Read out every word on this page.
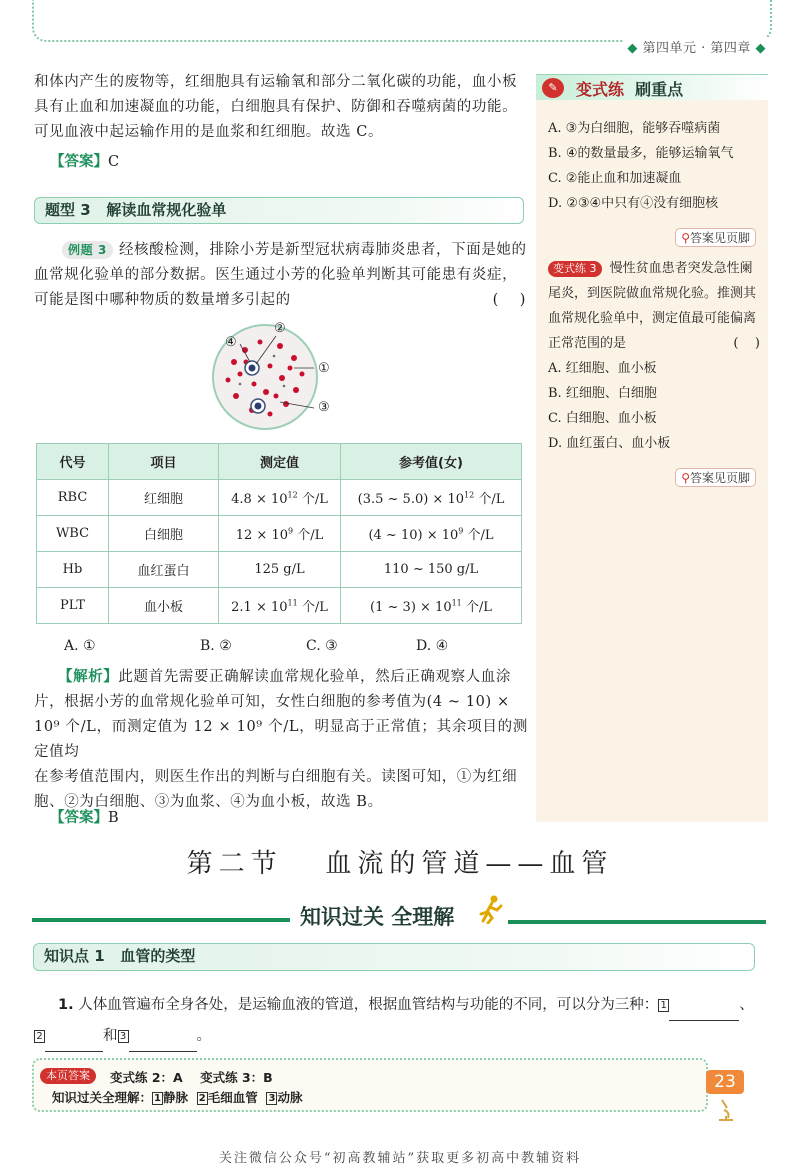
◆ 第四单元 · 第四章 ◆
和体内产生的废物等，红细胞具有运输氧和部分二氧化碳的功能，血小板
具有止血和加速凝血的功能，白细胞具有保护、防御和吞噬病菌的功能。
可见血液中起运输作用的是血浆和红细胞。故选 C。
【答案】C
题型 3 解读血常规化验单
例题 3 经核酸检测，排除小芳是新型冠状病毒肺炎患者，下面是她的
血常规化验单的部分数据。医生通过小芳的化验单判断其可能患有炎症，
可能是图中哪种物质的数量增多引起的	(    )
②
④
①
③
代号	项目	测定值	参考值(女)
RBC	红细胞	$4.8 \times 10^{12}$ 个/L	(3.5 ~ $5.0) \times 10^{12}$ 个/L
WBC	白细胞	$12 \times 10^9$ 个/L	(4 ~ $10) \times 10^9$ 个/L
Hb	血红蛋白	125 g/L	110 ~ 150 g/L
PLT	血小板	$2.1 \times 10^{11}$ 个/L	(1 ~ $3) \times 10^{11}$ 个/L
A. ①	B. ②	C. ③	D. ④
【解析】此题首先需要正确解读血常规化验单，然后正确观察人血涂
片，根据小芳的血常规化验单可知，女性白细胞的参考值为(4 ~ 10) ×
10⁹ 个/L，而测定值为 12 × 10⁹ 个/L，明显高于正常值；其余项目的测定值均
在参考值范围内，则医生作出的判断与白细胞有关。读图可知，①为红细
胞、②为白细胞、③为血浆、④为血小板，故选 B。
【答案】B
✎	变式练 刷重点
A. ③为白细胞，能够吞噬病菌
B. ④的数量最多，能够运输氧气
C. ②能止血和加速凝血
D. ②③④中只有④没有细胞核
⚲答案见页脚
变式练 3 慢性贫血患者突发急性阑
尾炎，到医院做血常规化验。推测其
血常规化验单中，测定值最可能偏离
正常范围的是	(    )
A. 红细胞、血小板
B. 红细胞、白细胞
C. 白细胞、血小板
D. 血红蛋白、血小板
⚲答案见页脚
第二节   血流的管道——血管
知识过关 全理解
知识点 1 血管的类型
1. 人体血管遍布全身各处，是运输血液的管道，根据血管结构与功能的不同，可以分为三种： 1	、
2	和 3	。
本页答案	变式练 2：A    变式练 3：B
知识过关全理解： 1 静脉 2 毛细血管 3 动脉
23
关注微信公众号“初高教辅站”获取更多初高中教辅资料
